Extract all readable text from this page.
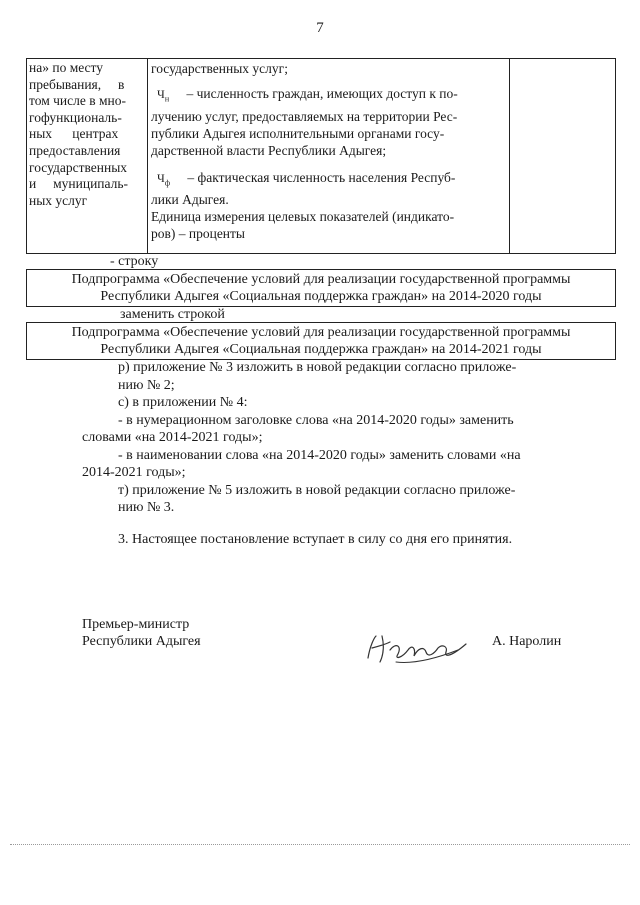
7
на» по месту
пребывания,     в
том числе в мно-
гофункциональ-
ных      центрах
предоставления
государственных
и     муниципаль-
ных услуг
государственных услуг;
$Ч_н$ – численность граждан, имеющих доступ к по-
лучению услуг, предоставляемых на территории Рес-
публики Адыгея исполнительными органами госу-
дарственной власти Республики Адыгея;
$Ч_ф$ – фактическая численность населения Респуб-
лики Адыгея.
Единица измерения целевых показателей (индикато-
ров) – проценты
- строку
Подпрограмма «Обеспечение условий для реализации государственной программы
Республики Адыгея «Социальная поддержка граждан» на 2014-2020 годы
заменить строкой
Подпрограмма «Обеспечение условий для реализации государственной программы
Республики Адыгея «Социальная поддержка граждан» на 2014-2021 годы
р) приложение № 3 изложить в новой редакции согласно приложе-
нию № 2;
с) в приложении № 4:
- в нумерационном заголовке слова «на 2014-2020 годы» заменить
словами «на 2014-2021 годы»;
- в наименовании слова «на 2014-2020 годы» заменить словами «на
2014-2021 годы»;
т) приложение № 5 изложить в новой редакции согласно приложе-
нию № 3.
3. Настоящее постановление вступает в силу со дня его принятия.
Премьер-министр
Республики Адыгея	А. Наролин
